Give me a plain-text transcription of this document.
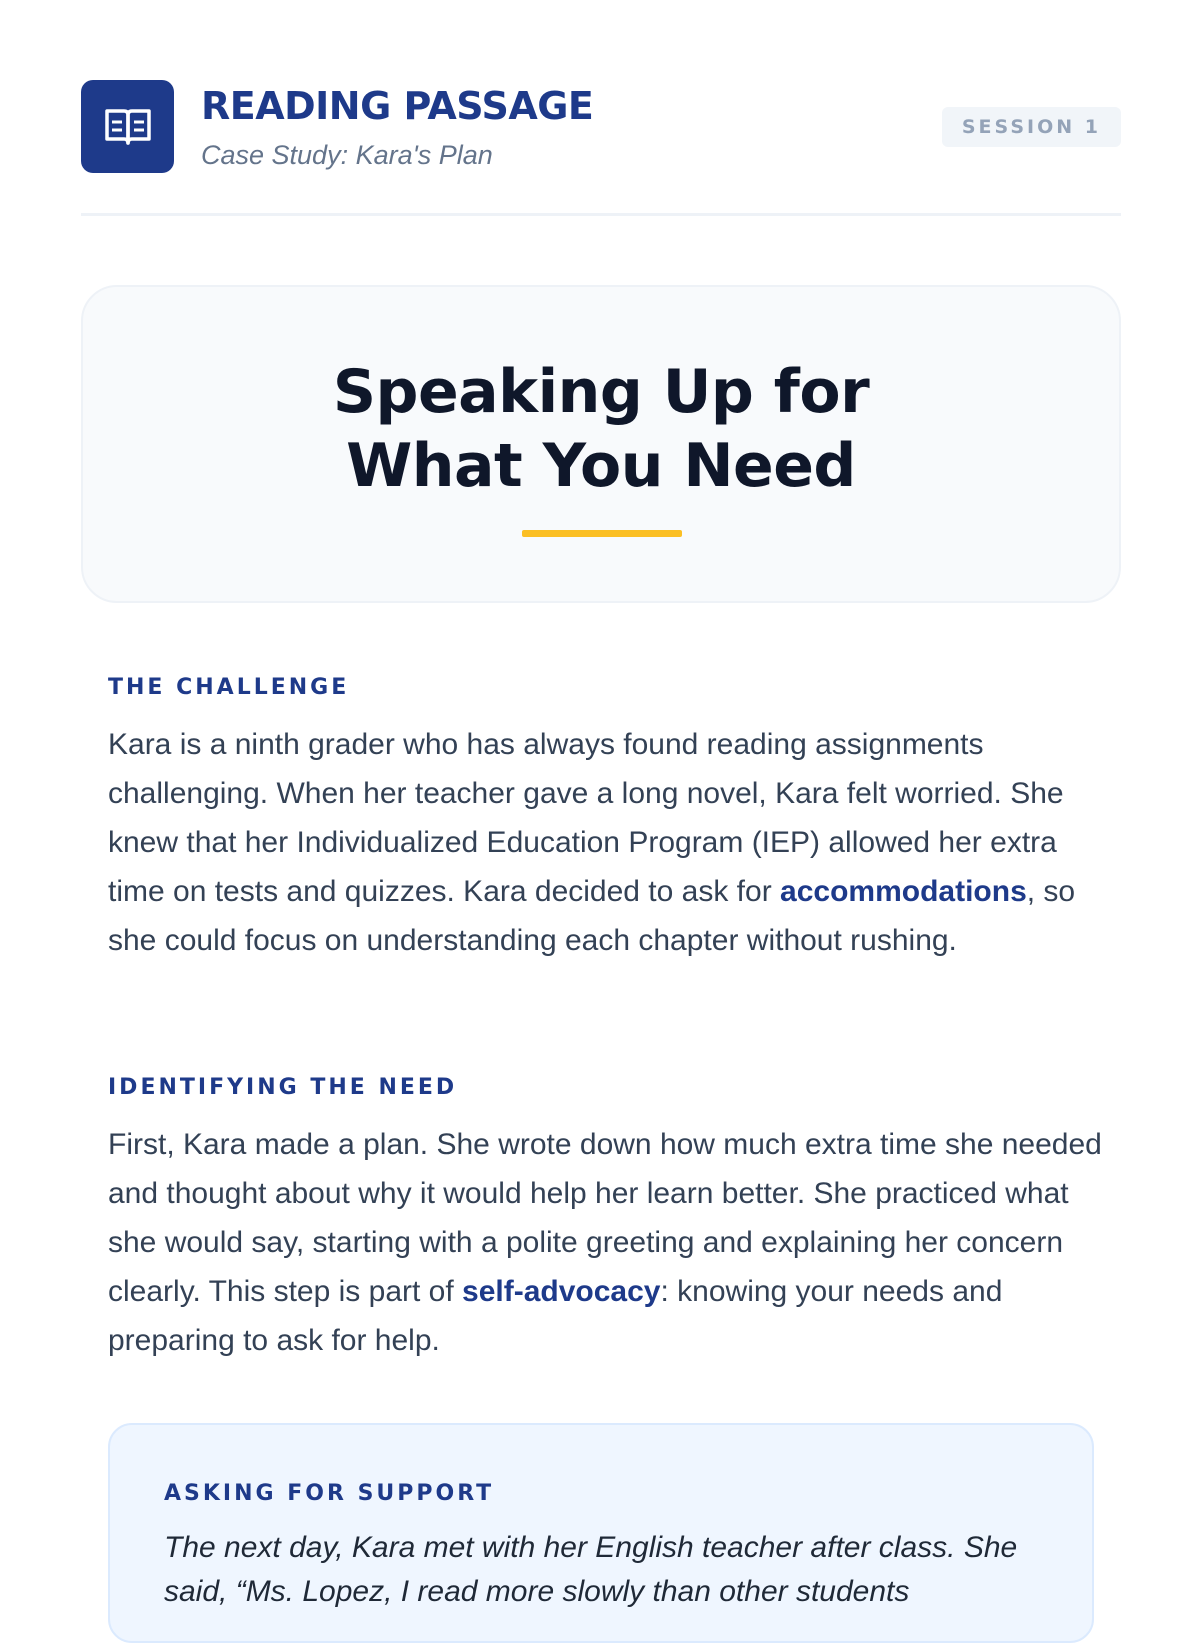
READING PASSAGE
Case Study: Kara's Plan
SESSION 1
Speaking Up for
What You Need
THE CHALLENGE

Kara is a ninth grader who has always found reading assignments challenging. When her teacher gave a long novel, Kara felt worried. She knew that her Individualized Education Program (IEP) allowed her extra time on tests and quizzes. Kara decided to ask for accommodations, so she could focus on understanding each chapter without rushing.

IDENTIFYING THE NEED

First, Kara made a plan. She wrote down how much extra time she needed and thought about why it would help her learn better. She practiced what she would say, starting with a polite greeting and explaining her concern clearly. This step is part of self-advocacy: knowing your needs and preparing to ask for help.

ASKING FOR SUPPORT

The next day, Kara met with her English teacher after class. She said, “Ms. Lopez, I read more slowly than other students
